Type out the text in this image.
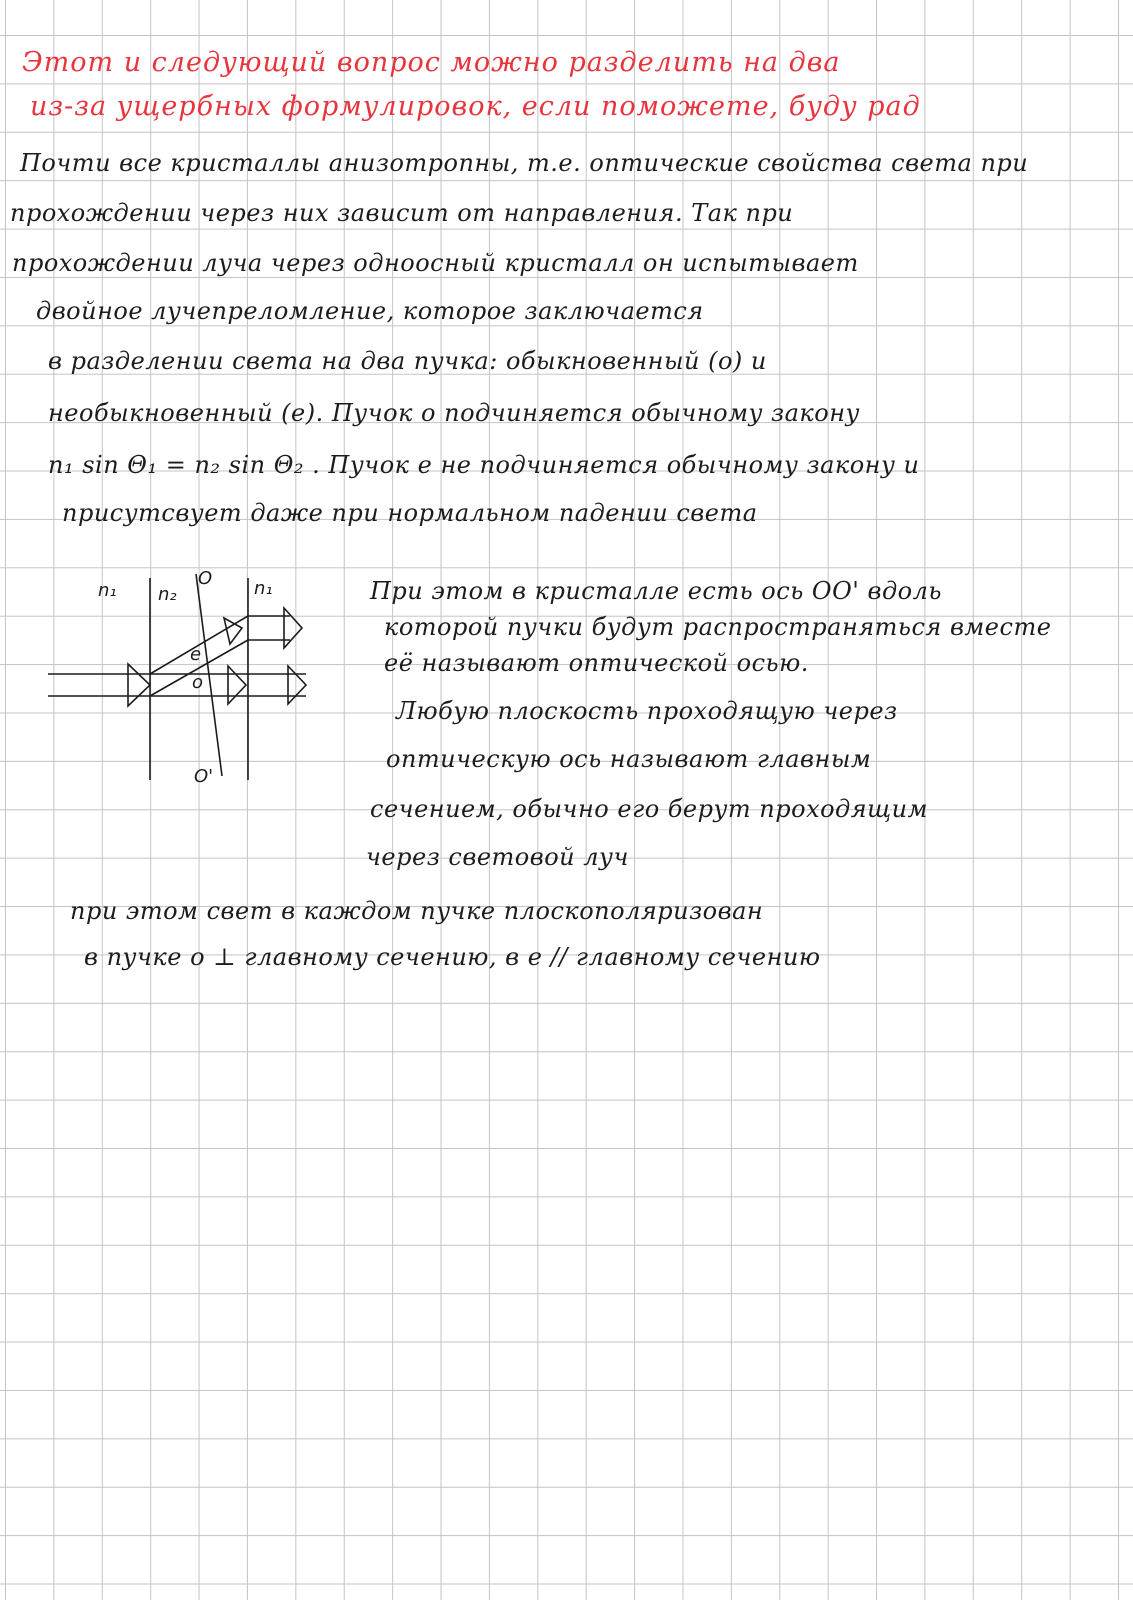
Этот и следующий вопрос можно разделить на два
из-за ущербных формулировок, если поможете, буду рад
Почти все кристаллы анизотропны, т.е. оптические свойства света при
прохождении через них зависит от направления. Так при
прохождении луча через одноосный кристалл он испытывает
двойное лучепреломление, которое заключается
в разделении света на два пучка: обыкновенный (о) и
необыкновенный (е). Пучок о подчиняется обычному закону
n₁ sin Θ₁ = n₂ sin Θ₂ . Пучок е не подчиняется обычному закону и
присутсвует даже при нормальном падении света
n₁ n₂
O n₁
e
o
O'
При этом в кристалле есть ось ОО' вдоль
которой пучки будут распространяться вместе
её называют оптической осью.
Любую плоскость проходящую через
оптическую ось называют главным
сечением, обычно его берут проходящим
через световой луч
при этом свет в каждом пучке плоскополяризован
в пучке о ⊥ главному сечению, в е // главному сечению
